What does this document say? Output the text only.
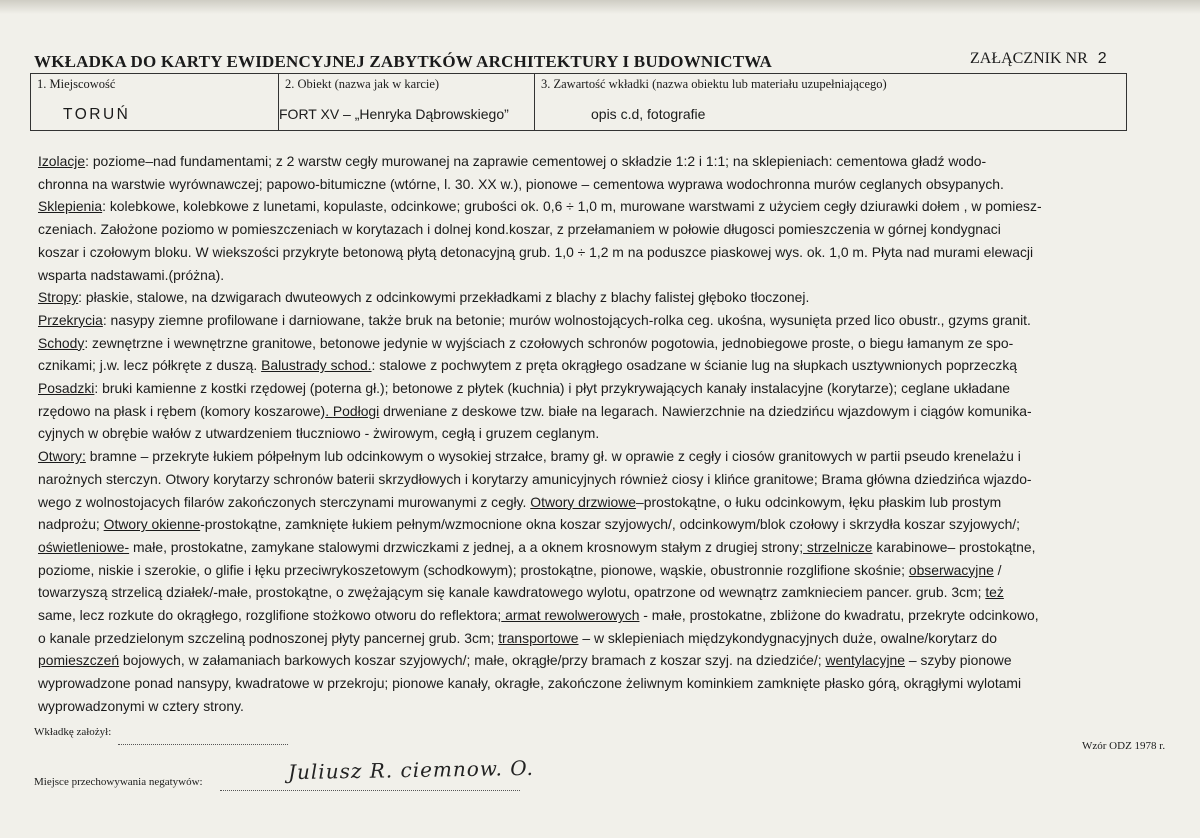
WKŁADKA DO KARTY EWIDENCYJNEJ ZABYTKÓW ARCHITEKTURY I BUDOWNICTWA	ZAŁĄCZNIK NR 2
1. Miejscowość
TORUŃ
2. Obiekt (nazwa jak w karcie)
FORT XV – „Henryka Dąbrowskiego”
3. Zawartość wkładki (nazwa obiektu lub materiału uzupełniającego)
opis c.d, fotografie
Izolacje: poziome–nad fundamentami; z 2 warstw cegły murowanej na zaprawie cementowej o składzie 1:2 i 1:1; na sklepieniach: cementowa gładź wodo-
chronna na warstwie wyrównawczej; papowo-bitumiczne (wtórne, l. 30. XX w.), pionowe – cementowa wyprawa wodochronna murów ceglanych obsypanych.
Sklepienia: kolebkowe, kolebkowe z lunetami, kopulaste, odcinkowe; grubości ok. 0,6 ÷ 1,0 m, murowane warstwami z użyciem cegły dziurawki dołem , w pomiesz-
czeniach. Założone poziomo w pomieszczeniach w korytazach i dolnej kond.koszar, z przełamaniem w połowie długosci pomieszczenia w górnej kondygnaci
koszar i czołowym bloku. W wiekszości przykryte betonową płytą detonacyjną grub. 1,0 ÷ 1,2 m na poduszce piaskowej wys. ok. 1,0 m. Płyta nad murami elewacji
wsparta nadstawami.(próżna).
Stropy: płaskie, stalowe, na dzwigarach dwuteowych z odcinkowymi przekładkami z blachy z blachy falistej głęboko tłoczonej.
Przekrycia: nasypy ziemne profilowane i darniowane, także bruk na betonie; murów wolnostojących-rolka ceg. ukośna, wysunięta przed lico obustr., gzyms granit.
Schody: zewnętrzne i wewnętrzne granitowe, betonowe jedynie w wyjściach z czołowych schronów pogotowia, jednobiegowe proste, o biegu łamanym ze spo-
cznikami; j.w. lecz półkręte z duszą. Balustrady schod.: stalowe z pochwytem z pręta okrągłego osadzane w ścianie lug na słupkach usztywnionych poprzeczką
Posadzki: bruki kamienne z kostki rzędowej (poterna gł.); betonowe z płytek (kuchnia) i płyt przykrywających kanały instalacyjne (korytarze); ceglane układane
rzędowo na płask i rębem (komory koszarowe). Podłogi drweniane z deskowe tzw. białe na legarach. Nawierzchnie na dziedzińcu wjazdowym i ciągów komunika-
cyjnych w obrębie wałów z utwardzeniem tłuczniowo - żwirowym, cegłą i gruzem ceglanym.
Otwory: bramne – przekryte łukiem półpełnym lub odcinkowym o wysokiej strzałce, bramy gł. w oprawie z cegły i ciosów granitowych w partii pseudo krenelażu i
narożnych sterczyn. Otwory korytarzy schronów baterii skrzydłowych i korytarzy amunicyjnych również ciosy i klińce granitowe; Brama główna dziedzińca wjazdo-
wego z wolnostojacych filarów zakończonych sterczynami murowanymi z cegły. Otwory drzwiowe–prostokątne, o łuku odcinkowym, łęku płaskim lub prostym
nadprożu; Otwory okienne-prostokątne, zamknięte łukiem pełnym/wzmocnione okna koszar szyjowych/, odcinkowym/blok czołowy i skrzydła koszar szyjowych/;
oświetleniowe- małe, prostokatne, zamykane stalowymi drzwiczkami z jednej, a a oknem krosnowym stałym z drugiej strony; strzelnicze karabinowe– prostokątne,
poziome, niskie i szerokie, o glifie i łęku przeciwrykoszetowym (schodkowym); prostokątne, pionowe, wąskie, obustronnie rozglifione skośnie; obserwacyjne /
towarzyszą strzelicą działek/-małe, prostokątne, o zwężającym się kanale kawdratowego wylotu, opatrzone od wewnątrz zamknieciem pancer. grub. 3cm; też
same, lecz rozkute do okrągłego, rozglifione stożkowo otworu do reflektora; armat rewolwerowych - małe, prostokatne, zbliżone do kwadratu, przekryte odcinkowo,
o kanale przedzielonym szczeliną podnoszonej płyty pancernej grub. 3cm; transportowe – w sklepieniach międzykondygnacyjnych duże, owalne/korytarz do
pomieszczeń bojowych, w załamaniach barkowych koszar szyjowych/; małe, okrągłe/przy bramach z koszar szyj. na dziedziće/; wentylacyjne – szyby pionowe
wyprowadzone ponad nansypy, kwadratowe w przekroju; pionowe kanały, okragłe, zakończone żeliwnym kominkiem zamknięte płasko górą, okrągłymi wylotami
wyprowadzonymi w cztery strony.
Wkładkę założył:
Miejsce przechowywania negatywów:	Juliusz R. ciemnow. O.
Wzór ODZ 1978 r.
